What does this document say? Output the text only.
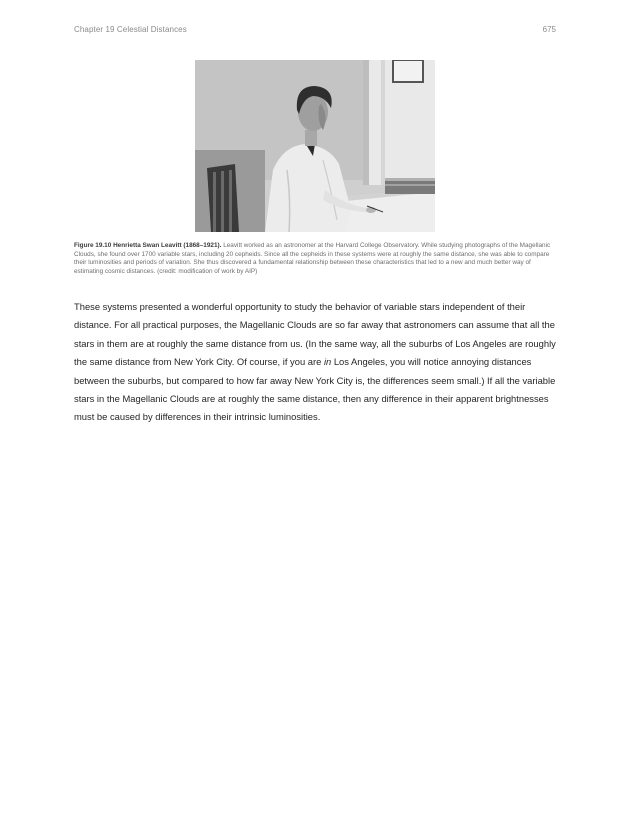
Chapter 19 Celestial Distances	675
Figure 19.10 Henrietta Swan Leavitt (1868–1921). Leavitt worked as an astronomer at the Harvard College Observatory. While studying photographs of the Magellanic Clouds, she found over 1700 variable stars, including 20 cepheids. Since all the cepheids in these systems were at roughly the same distance, she was able to compare their luminosities and periods of variation. She thus discovered a fundamental relationship between these characteristics that led to a new and much better way of estimating cosmic distances. (credit: modification of work by AIP)
These systems presented a wonderful opportunity to study the behavior of variable stars independent of their distance. For all practical purposes, the Magellanic Clouds are so far away that astronomers can assume that all the stars in them are at roughly the same distance from us. (In the same way, all the suburbs of Los Angeles are roughly the same distance from New York City. Of course, if you are in Los Angeles, you will notice annoying distances between the suburbs, but compared to how far away New York City is, the differences seem small.) If all the variable stars in the Magellanic Clouds are at roughly the same distance, then any difference in their apparent brightnesses must be caused by differences in their intrinsic luminosities.
